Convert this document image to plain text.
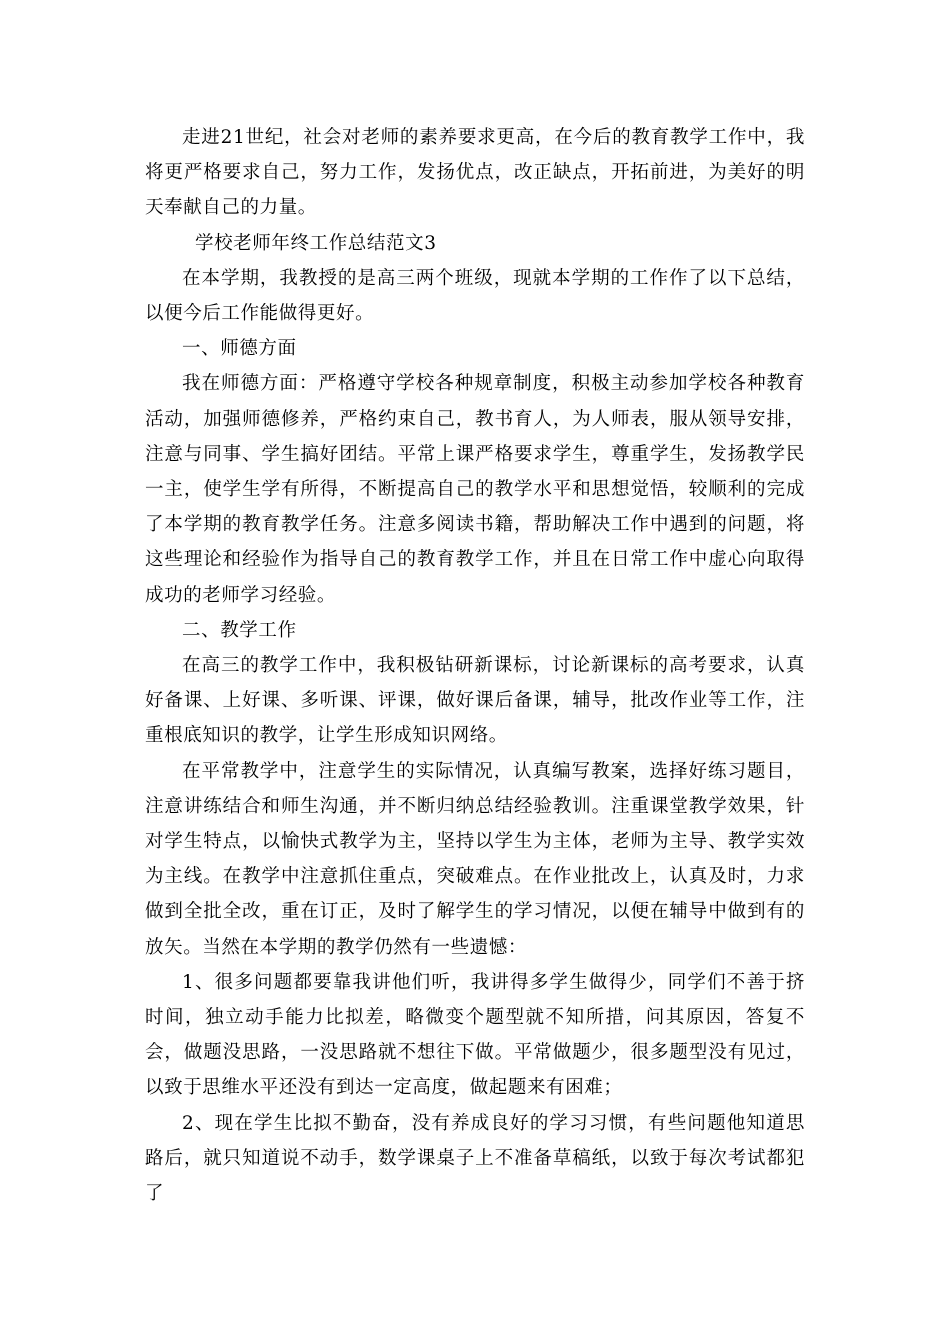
走进21世纪，社会对老师的素养要求更高，在今后的教育教学工作中，我将更严格要求自己，努力工作，发扬优点，改正缺点，开拓前进，为美好的明天奉献自己的力量。

学校老师年终工作总结范文3

在本学期，我教授的是高三两个班级，现就本学期的工作作了以下总结，以便今后工作能做得更好。

一、师德方面

我在师德方面：严格遵守学校各种规章制度，积极主动参加学校各种教育活动，加强师德修养，严格约束自己，教书育人，为人师表，服从领导安排，注意与同事、学生搞好团结。平常上课严格要求学生，尊重学生，发扬教学民一主，使学生学有所得，不断提高自己的教学水平和思想觉悟，较顺利的完成了本学期的教育教学任务。注意多阅读书籍，帮助解决工作中遇到的问题，将这些理论和经验作为指导自己的教育教学工作，并且在日常工作中虚心向取得成功的老师学习经验。

二、教学工作

在高三的教学工作中，我积极钻研新课标，讨论新课标的高考要求，认真好备课、上好课、多听课、评课，做好课后备课，辅导，批改作业等工作，注重根底知识的教学，让学生形成知识网络。

在平常教学中，注意学生的实际情况，认真编写教案，选择好练习题目，注意讲练结合和师生沟通，并不断归纳总结经验教训。注重课堂教学效果，针对学生特点，以愉快式教学为主，坚持以学生为主体，老师为主导、教学实效为主线。在教学中注意抓住重点，突破难点。在作业批改上，认真及时，力求做到全批全改，重在订正，及时了解学生的学习情况，以便在辅导中做到有的放矢。当然在本学期的教学仍然有一些遗憾：

1、很多问题都要靠我讲他们听，我讲得多学生做得少，同学们不善于挤时间，独立动手能力比拟差，略微变个题型就不知所措，问其原因，答复不会，做题没思路，一没思路就不想往下做。平常做题少，很多题型没有见过，以致于思维水平还没有到达一定高度，做起题来有困难；

2、现在学生比拟不勤奋，没有养成良好的学习习惯，有些问题他知道思路后，就只知道说不动手，数学课桌子上不准备草稿纸，以致于每次考试都犯了
